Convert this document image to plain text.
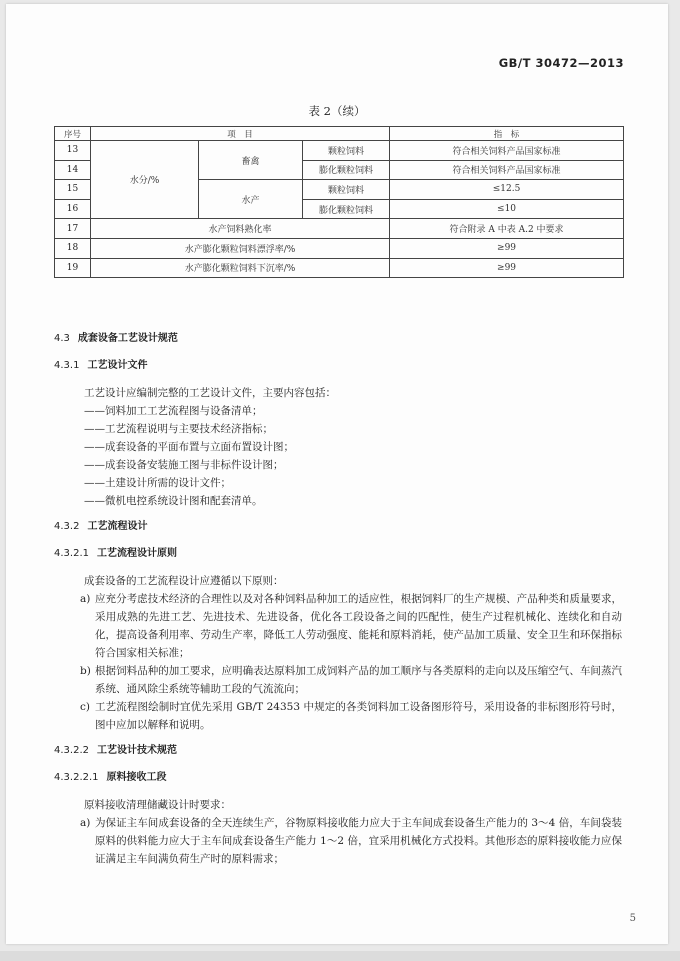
GB/T 30472—2013
表 2（续）
序号	项　目			指　标
13	水分/%	畜禽	颗粒饲料	符合相关饲料产品国家标准
14			膨化颗粒饲料	符合相关饲料产品国家标准
15		水产	颗粒饲料	≤12.5
16			膨化颗粒饲料	≤10
17	水产饲料熟化率			符合附录 A 中表 A.2 中要求
18	水产膨化颗粒饲料漂浮率/%			≥99
19	水产膨化颗粒饲料下沉率/%			≥99
4.3 成套设备工艺设计规范
4.3.1 工艺设计文件

工艺设计应编制完整的工艺设计文件，主要内容包括：

——饲料加工工艺流程图与设备清单；

——工艺流程说明与主要技术经济指标；

——成套设备的平面布置与立面布置设计图；

——成套设备安装施工图与非标件设计图；

——土建设计所需的设计文件；

——微机电控系统设计图和配套清单。

4.3.2 工艺流程设计
4.3.2.1 工艺流程设计原则

成套设备的工艺流程设计应遵循以下原则：

a) 应充分考虑技术经济的合理性以及对各种饲料品种加工的适应性，根据饲料厂的生产规模、产品种类和质量要求，采用成熟的先进工艺、先进技术、先进设备，优化各工段设备之间的匹配性，使生产过程机械化、连续化和自动化，提高设备利用率、劳动生产率，降低工人劳动强度、能耗和原料消耗，使产品加工质量、安全卫生和环保指标符合国家相关标准；
b) 根据饲料品种的加工要求，应明确表达原料加工成饲料产品的加工顺序与各类原料的走向以及压缩空气、车间蒸汽系统、通风除尘系统等辅助工段的气流流向；
c) 工艺流程图绘制时宜优先采用 GB/T 24353 中规定的各类饲料加工设备图形符号，采用设备的非标图形符号时，图中应加以解释和说明。
4.3.2.2 工艺设计技术规范
4.3.2.2.1 原料接收工段

原料接收清理储藏设计时要求：

a) 为保证主车间成套设备的全天连续生产，谷物原料接收能力应大于主车间成套设备生产能力的 3～4 倍，车间袋装原料的供料能力应大于主车间成套设备生产能力 1～2 倍，宜采用机械化方式投料。其他形态的原料接收能力应保证满足主车间满负荷生产时的原料需求；
5
